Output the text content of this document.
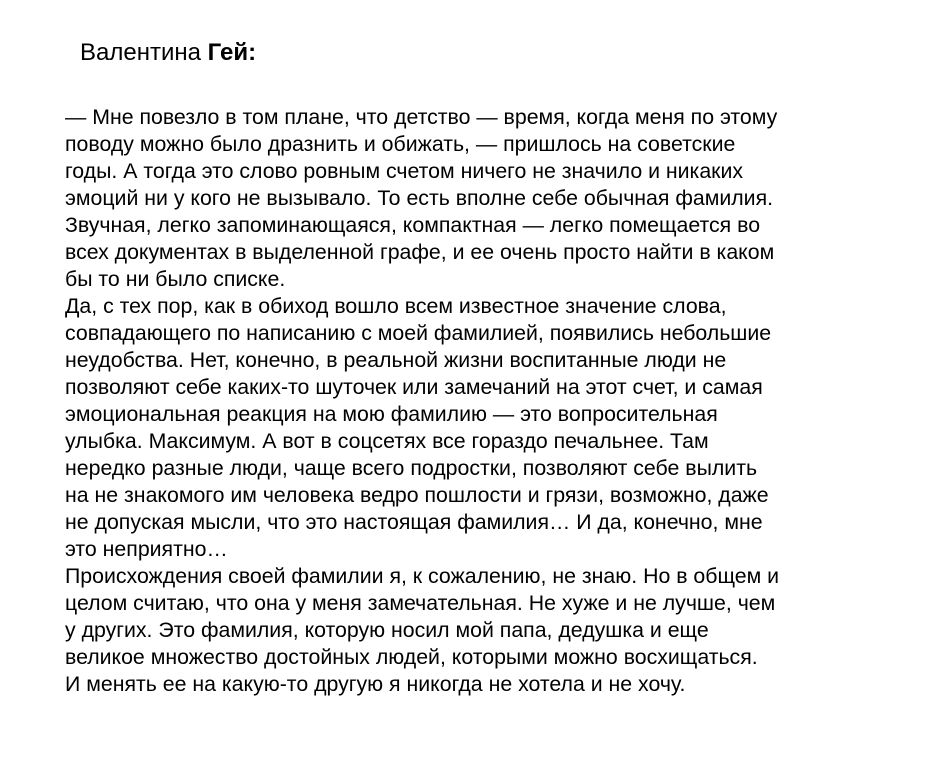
Валентина Гей:
— Мне повезло в том плане, что детство — время, когда меня по этому
поводу можно было дразнить и обижать, — пришлось на советские
годы. А тогда это слово ровным счетом ничего не значило и никаких
эмоций ни у кого не вызывало. То есть вполне себе обычная фамилия.
Звучная, легко запоминающаяся, компактная — легко помещается во
всех документах в выделенной графе, и ее очень просто найти в каком
бы то ни было списке.
Да, с тех пор, как в обиход вошло всем известное значение слова,
совпадающего по написанию с моей фамилией, появились небольшие
неудобства. Нет, конечно, в реальной жизни воспитанные люди не
позволяют себе каких-то шуточек или замечаний на этот счет, и самая
эмоциональная реакция на мою фамилию — это вопросительная
улыбка. Максимум. А вот в соцсетях все гораздо печальнее. Там
нередко разные люди, чаще всего подростки, позволяют себе вылить
на не знакомого им человека ведро пошлости и грязи, возможно, даже
не допуская мысли, что это настоящая фамилия… И да, конечно, мне
это неприятно…
Происхождения своей фамилии я, к сожалению, не знаю. Но в общем и
целом считаю, что она у меня замечательная. Не хуже и не лучше, чем
у других. Это фамилия, которую носил мой папа, дедушка и еще
великое множество достойных людей, которыми можно восхищаться.
И менять ее на какую-то другую я никогда не хотела и не хочу.
